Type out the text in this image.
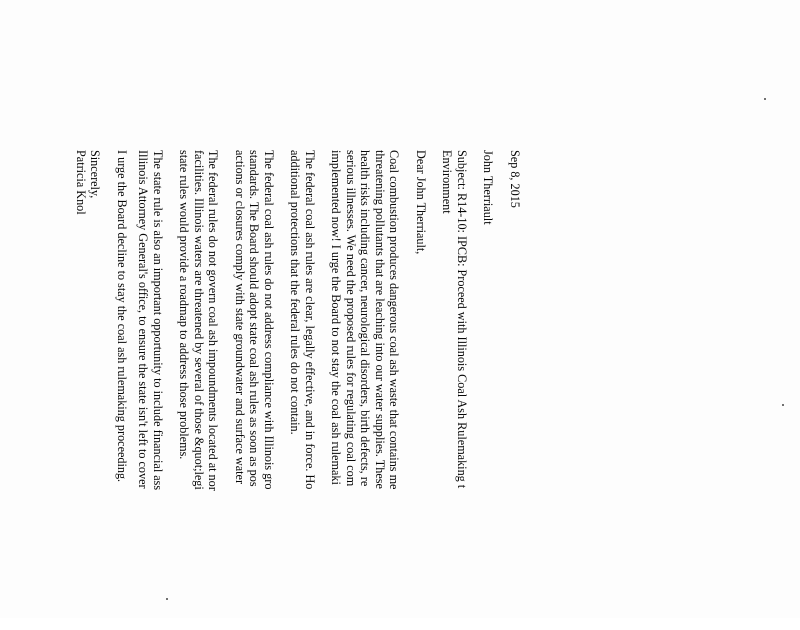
Sep 8, 2015

John Therriault

Subject: R14-10: IPCB: Proceed with Illinois Coal Ash Rulemaking t

Environment

Dear John Therriault,

Coal combustion produces dangerous coal ash waste that contains me

threatening pollutants that are leaching into our water supplies. These

health risks including cancer, neurological disorders, birth defects, re

serious illnesses. We need the proposed rules for regulating coal com

implemented now! I urge the Board to not stay the coal ash rulemaki

The federal coal ash rules are clear, legally effective, and in force. Ho

additional protections that the federal rules do not contain.

The federal coal ash rules do not address compliance with Illinois gro

standards. The Board should adopt state coal ash rules as soon as pos

actions or closures comply with state groundwater and surface water

The federal rules do not govern coal ash impoundments located at nor

facilities. Illinois waters are threatened by several of those &quot;legi

state rules would provide a roadmap to address those problems.

The state rule is also an important opportunity to include financial ass

Illinois Attorney General's office, to ensure the state isn't left to cover

I urge the Board decline to stay the coal ash rulemaking proceeding.

Sincerely,

Patricia Knol
